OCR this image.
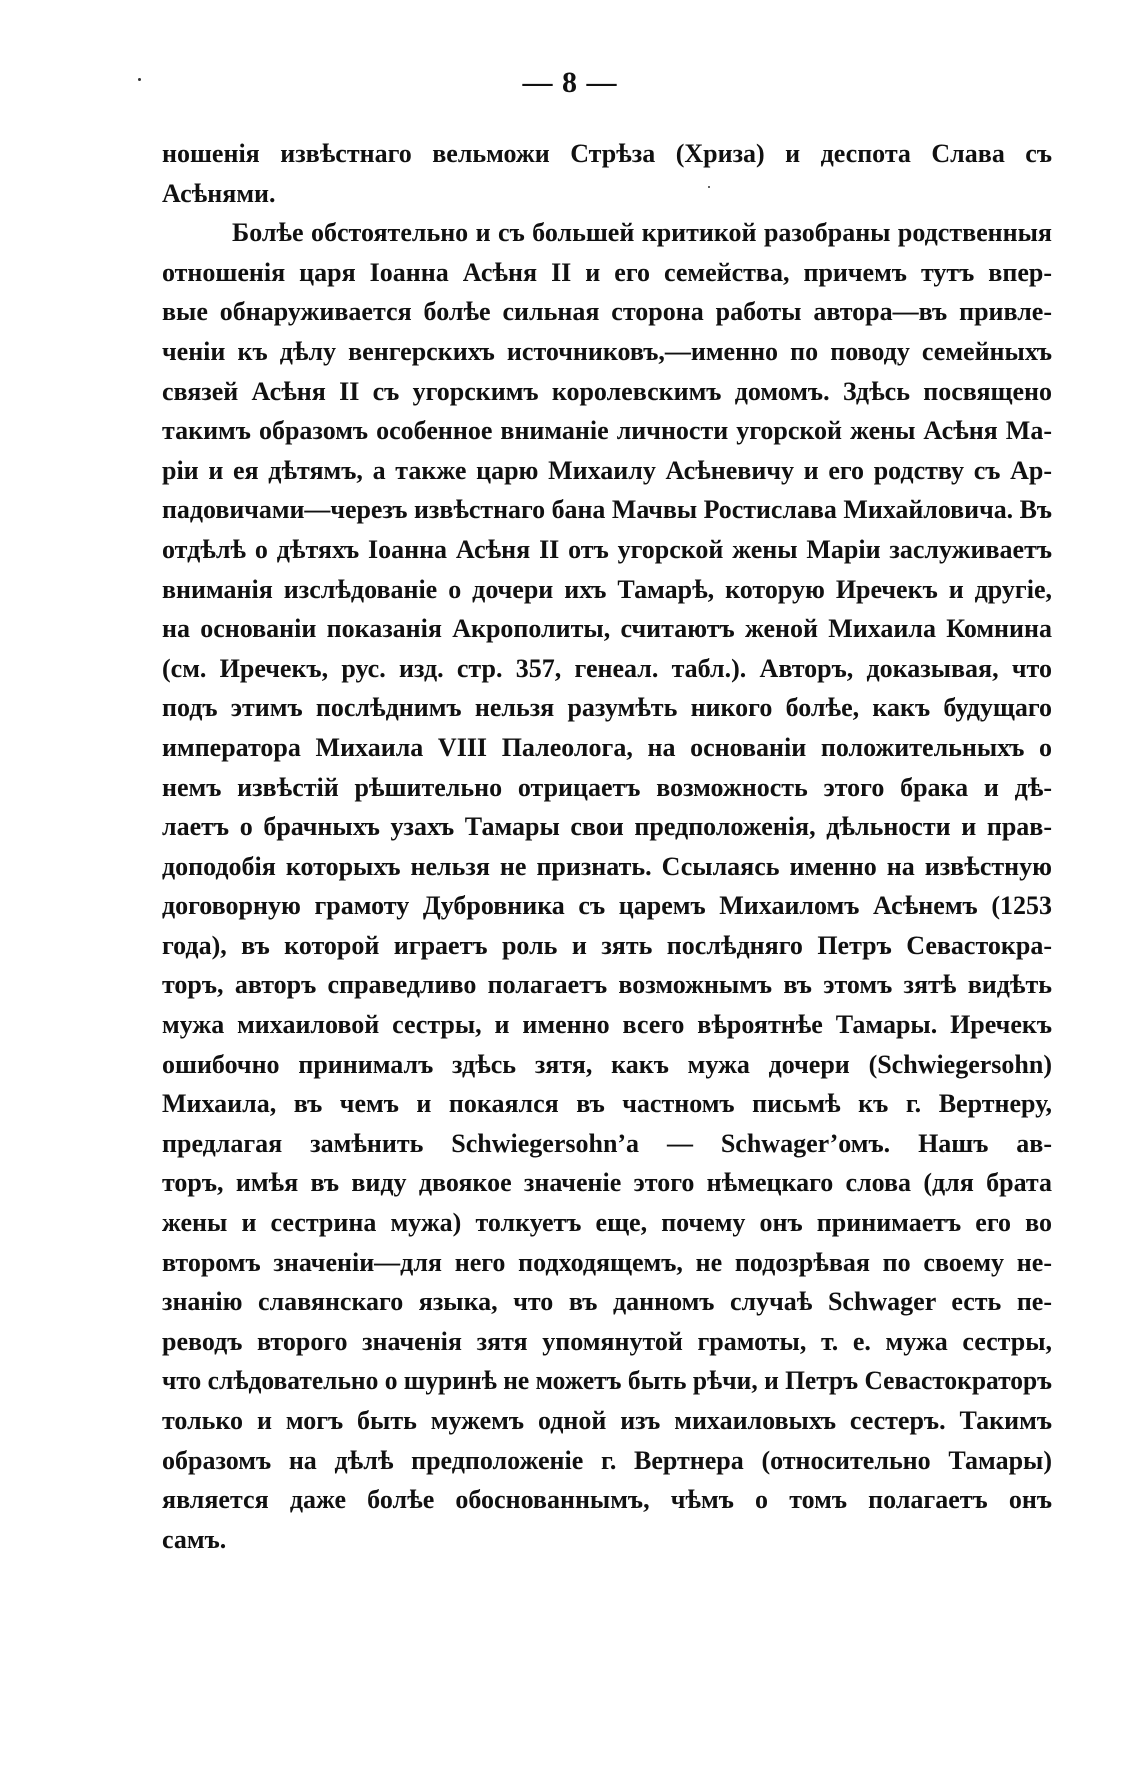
— 8 —
ношенія извѣстнаго вельможи Стрѣза (Хриза) и деспота Слава съ
Асѣнями.
Болѣе обстоятельно и съ большей критикой разобраны родственныя
отношенія царя Іоанна Асѣня II и его семейства, причемъ тутъ впер-
вые обнаруживается болѣе сильная сторона работы автора—въ привле-
ченіи къ дѣлу венгерскихъ источниковъ,—именно по поводу семейныхъ
связей Асѣня II съ угорскимъ королевскимъ домомъ. Здѣсь посвящено
такимъ образомъ особенное вниманіе личности угорской жены Асѣня Ма-
ріи и ея дѣтямъ, а также царю Михаилу Асѣневичу и его родству съ Ар-
падовичами—черезъ извѣстнаго бана Мачвы Ростислава Михайловича. Въ
отдѣлѣ о дѣтяхъ Іоанна Асѣня II отъ угорской жены Маріи заслуживаетъ
вниманія изслѣдованіе о дочери ихъ Тамарѣ, которую Иречекъ и другіе,
на основаніи показанія Акрополиты, считаютъ женой Михаила Комнина
(см. Иречекъ, рус. изд. стр. 357, генеал. табл.). Авторъ, доказывая, что
подъ этимъ послѣднимъ нельзя разумѣть никого болѣе, какъ будущаго
императора Михаила VIII Палеолога, на основаніи положительныхъ о
немъ извѣстій рѣшительно отрицаетъ возможность этого брака и дѣ-
лаетъ о брачныхъ узахъ Тамары свои предположенія, дѣльности и прав-
доподобія которыхъ нельзя не признать. Ссылаясь именно на извѣстную
договорную грамоту Дубровника съ царемъ Михаиломъ Асѣнемъ (1253
года), въ которой играетъ роль и зять послѣдняго Петръ Севастокра-
торъ, авторъ справедливо полагаетъ возможнымъ въ этомъ зятѣ видѣть
мужа михаиловой сестры, и именно всего вѣроятнѣе Тамары. Иречекъ
ошибочно принималъ здѣсь зятя, какъ мужа дочери (Schwiegersohn)
Михаила, въ чемъ и покаялся въ частномъ письмѣ къ г. Вертнеру,
предлагая замѣнить Schwiegersohn’a — Schwager’омъ. Нашъ ав-
торъ, имѣя въ виду двоякое значеніе этого нѣмецкаго слова (для брата
жены и сестрина мужа) толкуетъ еще, почему онъ принимаетъ его во
второмъ значеніи—для него подходящемъ, не подозрѣвая по своему не-
знанію славянскаго языка, что въ данномъ случаѣ Schwager есть пе-
реводъ второго значенія зятя упомянутой грамоты, т. е. мужа сестры,
что слѣдовательно о шуринѣ не можетъ быть рѣчи, и Петръ Севастократоръ
только и могъ быть мужемъ одной изъ михаиловыхъ сестеръ. Такимъ
образомъ на дѣлѣ предположеніе г. Вертнера (относительно Тамары)
является даже болѣе обоснованнымъ, чѣмъ о томъ полагаетъ онъ
самъ.
